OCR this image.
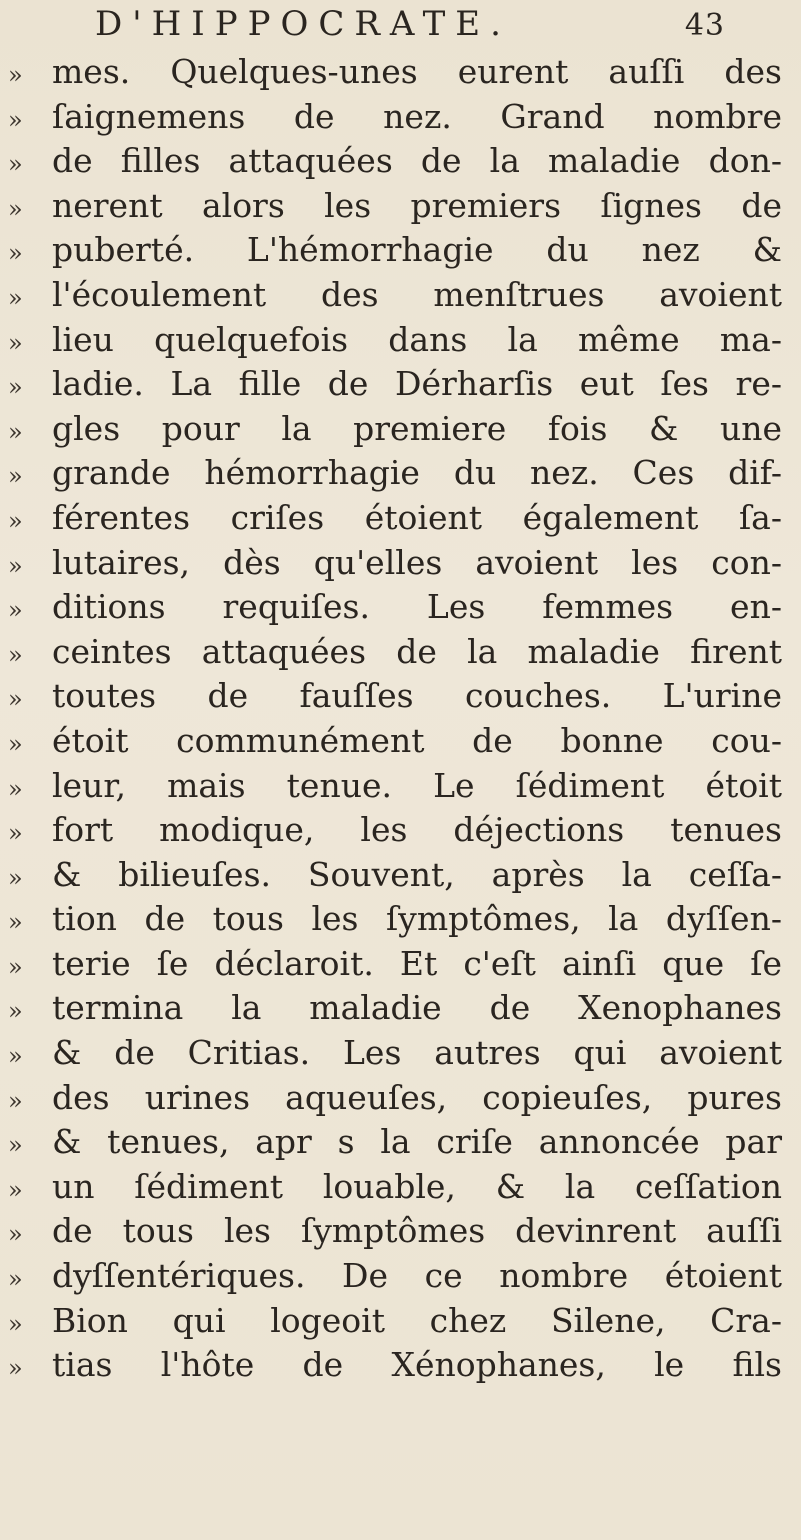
D'HIPPOCRATE.	43
» mes. Quelques-unes eurent auſſi des
» ſaignemens de nez. Grand nombre
» de filles attaquées de la maladie don-
» nerent alors les premiers ſignes de
» puberté. L'hémorrhagie du nez &
» l'écoulement des menſtrues avoient
» lieu quelquefois dans la même ma-
» ladie. La fille de Dérharſis eut ſes re-
» gles pour la premiere fois & une
» grande hémorrhagie du nez. Ces dif-
» férentes criſes étoient également ſa-
» lutaires, dès qu'elles avoient les con-
» ditions requiſes. Les femmes en-
» ceintes attaquées de la maladie firent
» toutes de fauſſes couches. L'urine
» étoit communément de bonne cou-
» leur, mais tenue. Le ſédiment étoit
» fort modique, les déjections tenues
» & bilieuſes. Souvent, après la ceſſa-
» tion de tous les ſymptômes, la dyſſen-
» terie ſe déclaroit. Et c'eſt ainſi que ſe
» termina la maladie de Xenophanes
» & de Critias. Les autres qui avoient
» des urines aqueuſes, copieuſes, pures
» & tenues, apr s la criſe annoncée par
» un ſédiment louable, & la ceſſation
» de tous les ſymptômes devinrent auſſi
» dyſſentériques. De ce nombre étoient
» Bion qui logeoit chez Silene, Cra-
» tias l'hôte de Xénophanes, le fils
